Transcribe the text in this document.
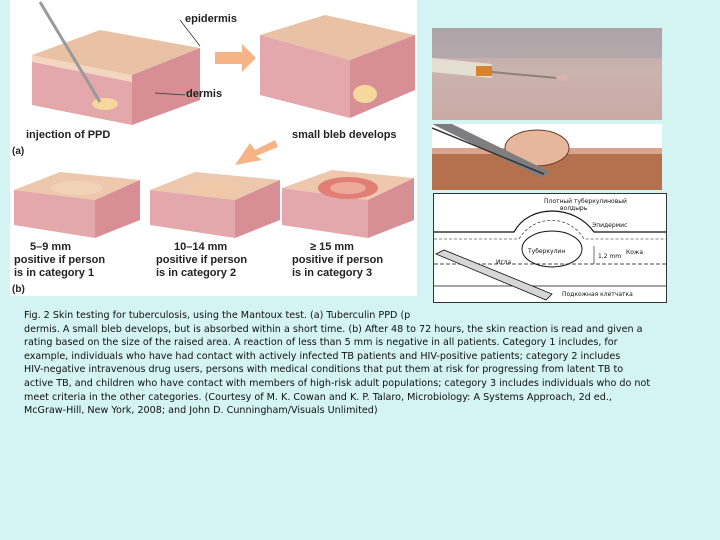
epidermis
dermis
injection of PPD
(a)
small bleb develops
5–9 mm
positive if person
is in category 1
10–14 mm
positive if person
is in category 2
≥ 15 mm
positive if person
is in category 3
(b)
Плотный туберкулиновый
волдырь
Эпидермис
Туберкулин
Игла
1,2 mm
Кожа
Подкожная клетчатка
Fig. 2 Skin testing for tuberculosis, using the Mantoux test. (a) Tuberculin PPD (p
dermis. A small bleb develops, but is absorbed within a short time. (b) After 48 to 72 hours, the skin reaction is read and given a
rating based on the size of the raised area. A reaction of less than 5 mm is negative in all patients. Category 1 includes, for
example, individuals who have had contact with actively infected TB patients and HIV-positive patients; category 2 includes
HIV-negative intravenous drug users, persons with medical conditions that put them at risk for progressing from latent TB to
active TB, and children who have contact with members of high-risk adult populations; category 3 includes individuals who do not
meet criteria in the other categories. (Courtesy of M. K. Cowan and K. P. Talaro, Microbiology: A Systems Approach, 2d ed.,
McGraw-Hill, New York, 2008; and John D. Cunningham/Visuals Unlimited)
